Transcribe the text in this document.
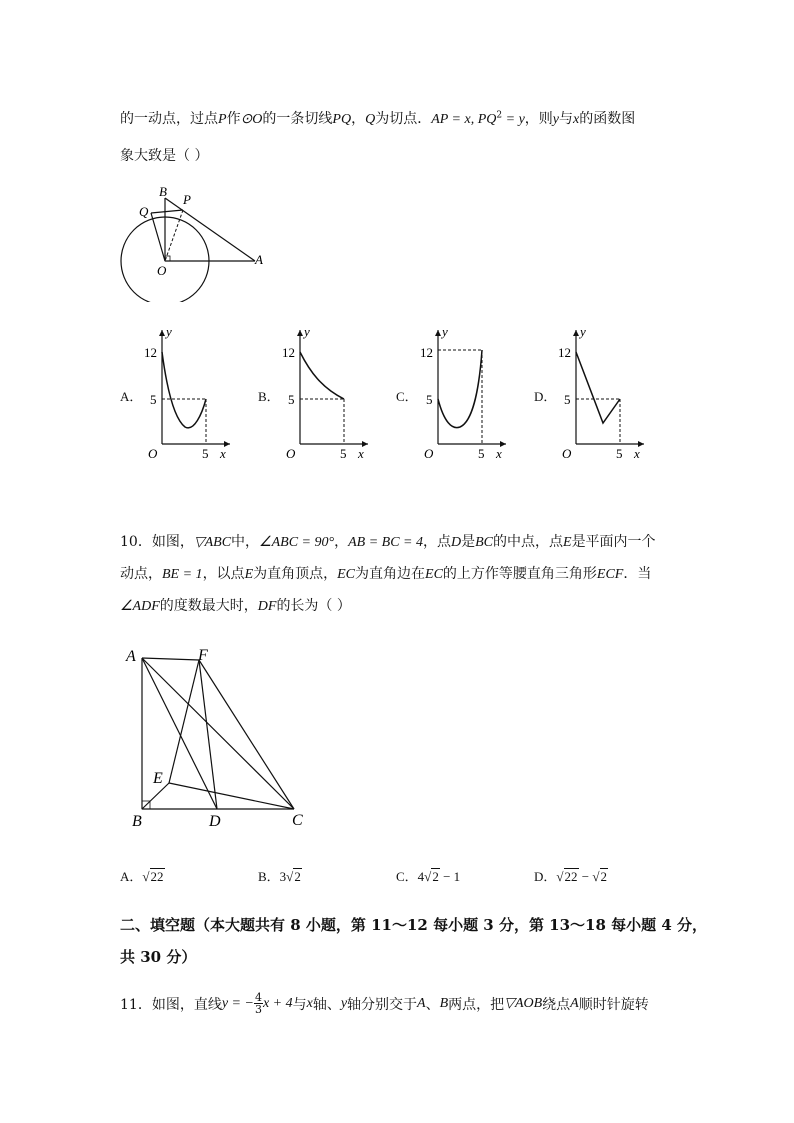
的一动点，过点P作⊙O的一条切线PQ，Q为切点．AP = x, $PQ^2 = y$，则y与x的函数图
象大致是（ ）
B
P
Q
O
A
A．
12
5
5
y
x
O
B．
12
5
5
y
x
O
C．
12
5
5
y
x
O
D．
12
5
5
y
x
O
10．如图，▽ABC中，∠ABC = 90°，AB = BC = 4，点D是BC的中点，点E是平面内一个
动点，BE = 1，以点E为直角顶点，EC为直角边在EC的上方作等腰直角三角形ECF．当
∠ADF的度数最大时，DF的长为（ ）
A	F
E
B	D	C
A．√22	B．3√2	C．4√2 − 1	D．√22 − √2
二、填空题（本大题共有 8 小题，第 11～12 每小题 3 分，第 13～18 每小题 4 分，
共 30 分）
11．如图，直线 y = − $\frac{4}{3}$ x + 4 与 x 轴、 y 轴分别交于 A 、 B 两点，把 ▽AOB 绕点 A 顺时针旋转
